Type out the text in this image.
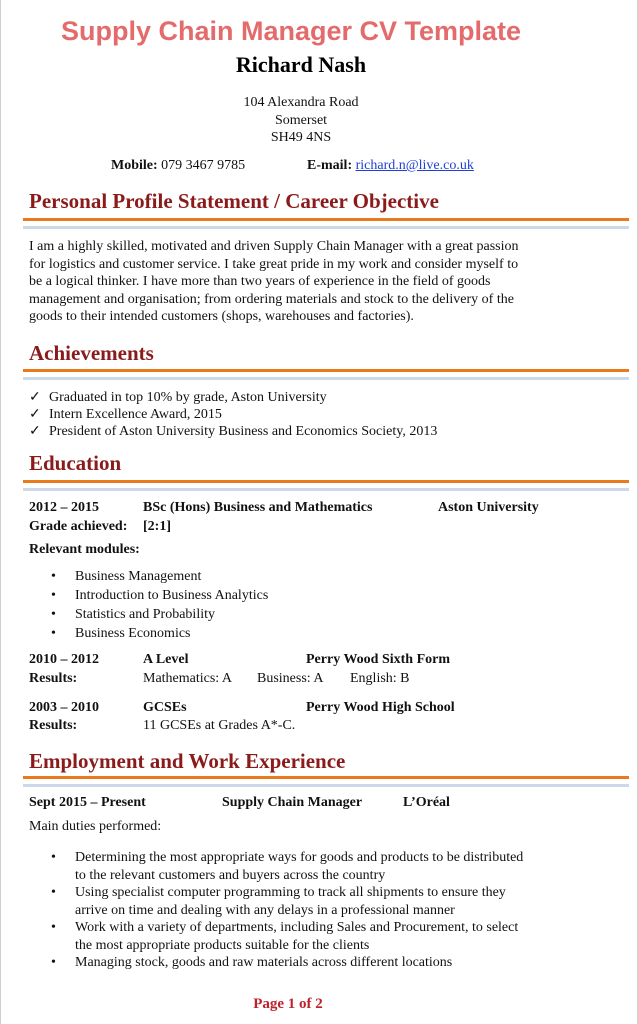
Supply Chain Manager CV Template
Richard Nash
104 Alexandra Road
Somerset
SH49 4NS
Mobile: 079 3467 9785	E-mail: richard.n@live.co.uk
Personal Profile Statement / Career Objective
I am a highly skilled, motivated and driven Supply Chain Manager with a great passion
for logistics and customer service. I take great pride in my work and consider myself to
be a logical thinker. I have more than two years of experience in the field of goods
management and organisation; from ordering materials and stock to the delivery of the
goods to their intended customers (shops, warehouses and factories).
Achievements
✓ Graduated in top 10% by grade, Aston University
✓ Intern Excellence Award, 2015
✓ President of Aston University Business and Economics Society, 2013
Education
2012 – 2015	BSc (Hons) Business and Mathematics	Aston University
Grade achieved: [2:1]
Relevant modules:
• Business Management
• Introduction to Business Analytics
• Statistics and Probability
• Business Economics
2010 – 2012	A Level	Perry Wood Sixth Form
Results:	Mathematics: A Business: A English: B
2003 – 2010	GCSEs	Perry Wood High School
Results:	11 GCSEs at Grades A*-C.
Employment and Work Experience
Sept 2015 – Present	Supply Chain Manager	L’Oréal
Main duties performed:
• Determining the most appropriate ways for goods and products to be distributed
to the relevant customers and buyers across the country
• Using specialist computer programming to track all shipments to ensure they
arrive on time and dealing with any delays in a professional manner
• Work with a variety of departments, including Sales and Procurement, to select
the most appropriate products suitable for the clients
• Managing stock, goods and raw materials across different locations
Page 1 of 2
